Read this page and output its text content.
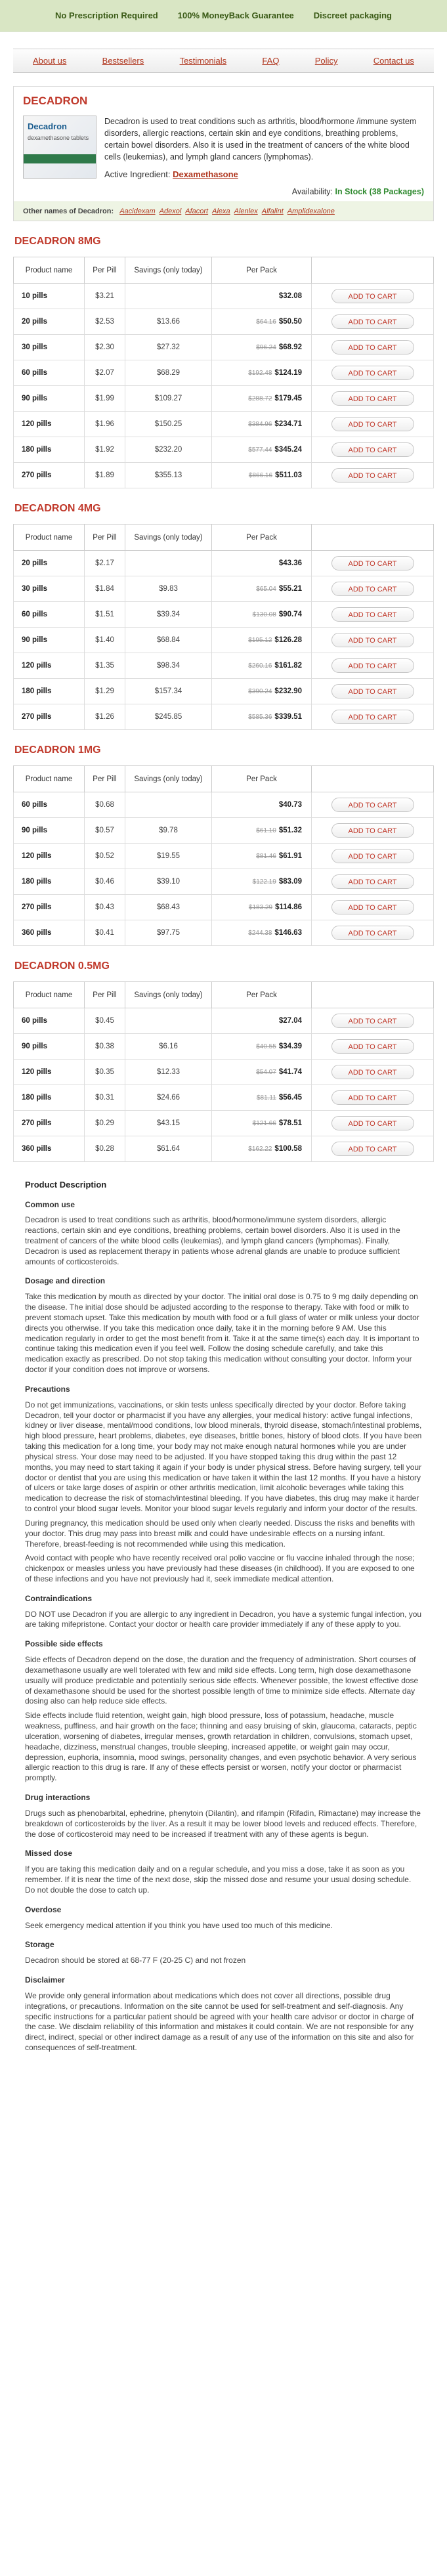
No Prescription Required 100% MoneyBack Guarantee Discreet packaging
About us	Bestsellers	Testimonials	FAQ	Policy	Contact us
DECADRON
Decadron
dexamethasone tablets
Decadron is used to treat conditions such as arthritis, blood/hormone /immune system disorders, allergic reactions, certain skin and eye conditions, breathing problems, certain bowel disorders. Also it is used in the treatment of cancers of the white blood cells (leukemias), and lymph gland cancers (lymphomas).
Active Ingredient: Dexamethasone
Availability: In Stock (38 Packages)
Other names of Decadron: Aacidexam Adexol Afacort Alexa Alenlex Alfalint Amplidexalone
DECADRON 8MG
Product name	Per Pill	Savings (only today)	Per Pack	
10 pills	$3.21		$32.08	ADD TO CART
20 pills	$2.53	$13.66	$64.16 $50.50	ADD TO CART
30 pills	$2.30	$27.32	$96.24 $68.92	ADD TO CART
60 pills	$2.07	$68.29	$192.48 $124.19	ADD TO CART
90 pills	$1.99	$109.27	$288.72 $179.45	ADD TO CART
120 pills	$1.96	$150.25	$384.96 $234.71	ADD TO CART
180 pills	$1.92	$232.20	$577.44 $345.24	ADD TO CART
270 pills	$1.89	$355.13	$866.16 $511.03	ADD TO CART
DECADRON 4MG
Product name	Per Pill	Savings (only today)	Per Pack	
20 pills	$2.17		$43.36	ADD TO CART
30 pills	$1.84	$9.83	$65.04 $55.21	ADD TO CART
60 pills	$1.51	$39.34	$130.08 $90.74	ADD TO CART
90 pills	$1.40	$68.84	$195.12 $126.28	ADD TO CART
120 pills	$1.35	$98.34	$260.16 $161.82	ADD TO CART
180 pills	$1.29	$157.34	$390.24 $232.90	ADD TO CART
270 pills	$1.26	$245.85	$585.36 $339.51	ADD TO CART
DECADRON 1MG
Product name	Per Pill	Savings (only today)	Per Pack	
60 pills	$0.68		$40.73	ADD TO CART
90 pills	$0.57	$9.78	$61.10 $51.32	ADD TO CART
120 pills	$0.52	$19.55	$81.46 $61.91	ADD TO CART
180 pills	$0.46	$39.10	$122.19 $83.09	ADD TO CART
270 pills	$0.43	$68.43	$183.29 $114.86	ADD TO CART
360 pills	$0.41	$97.75	$244.38 $146.63	ADD TO CART
DECADRON 0.5MG
Product name	Per Pill	Savings (only today)	Per Pack	
60 pills	$0.45		$27.04	ADD TO CART
90 pills	$0.38	$6.16	$40.55 $34.39	ADD TO CART
120 pills	$0.35	$12.33	$54.07 $41.74	ADD TO CART
180 pills	$0.31	$24.66	$81.11 $56.45	ADD TO CART
270 pills	$0.29	$43.15	$121.66 $78.51	ADD TO CART
360 pills	$0.28	$61.64	$162.22 $100.58	ADD TO CART
Product Description
Common use

Decadron is used to treat conditions such as arthritis, blood/hormone/immune system disorders, allergic reactions, certain skin and eye conditions, breathing problems, certain bowel disorders. Also it is used in the treatment of cancers of the white blood cells (leukemias), and lymph gland cancers (lymphomas). Finally, Decadron is used as replacement therapy in patients whose adrenal glands are unable to produce sufficient amounts of corticosteroids.

Dosage and direction

Take this medication by mouth as directed by your doctor. The initial oral dose is 0.75 to 9 mg daily depending on the disease. The initial dose should be adjusted according to the response to therapy. Take with food or milk to prevent stomach upset. Take this medication by mouth with food or a full glass of water or milk unless your doctor directs you otherwise. If you take this medication once daily, take it in the morning before 9 AM. Use this medication regularly in order to get the most benefit from it. Take it at the same time(s) each day. It is important to continue taking this medication even if you feel well. Follow the dosing schedule carefully, and take this medication exactly as prescribed. Do not stop taking this medication without consulting your doctor. Inform your doctor if your condition does not improve or worsens.

Precautions

Do not get immunizations, vaccinations, or skin tests unless specifically directed by your doctor. Before taking Decadron, tell your doctor or pharmacist if you have any allergies, your medical history: active fungal infections, kidney or liver disease, mental/mood conditions, low blood minerals, thyroid disease, stomach/intestinal problems, high blood pressure, heart problems, diabetes, eye diseases, brittle bones, history of blood clots. If you have been taking this medication for a long time, your body may not make enough natural hormones while you are under physical stress. Your dose may need to be adjusted. If you have stopped taking this drug within the past 12 months, you may need to start taking it again if your body is under physical stress. Before having surgery, tell your doctor or dentist that you are using this medication or have taken it within the last 12 months. If you have a history of ulcers or take large doses of aspirin or other arthritis medication, limit alcoholic beverages while taking this medication to decrease the risk of stomach/intestinal bleeding. If you have diabetes, this drug may make it harder to control your blood sugar levels. Monitor your blood sugar levels regularly and inform your doctor of the results.

During pregnancy, this medication should be used only when clearly needed. Discuss the risks and benefits with your doctor. This drug may pass into breast milk and could have undesirable effects on a nursing infant. Therefore, breast-feeding is not recommended while using this medication.

Avoid contact with people who have recently received oral polio vaccine or flu vaccine inhaled through the nose; chickenpox or measles unless you have previously had these diseases (in childhood). If you are exposed to one of these infections and you have not previously had it, seek immediate medical attention.

Contraindications

DO NOT use Decadron if you are allergic to any ingredient in Decadron, you have a systemic fungal infection, you are taking mifepristone. Contact your doctor or health care provider immediately if any of these apply to you.

Possible side effects

Side effects of Decadron depend on the dose, the duration and the frequency of administration. Short courses of dexamethasone usually are well tolerated with few and mild side effects. Long term, high dose dexamethasone usually will produce predictable and potentially serious side effects. Whenever possible, the lowest effective dose of dexamethasone should be used for the shortest possible length of time to minimize side effects. Alternate day dosing also can help reduce side effects.

Side effects include fluid retention, weight gain, high blood pressure, loss of potassium, headache, muscle weakness, puffiness, and hair growth on the face; thinning and easy bruising of skin, glaucoma, cataracts, peptic ulceration, worsening of diabetes, irregular menses, growth retardation in children, convulsions, stomach upset, headache, dizziness, menstrual changes, trouble sleeping, increased appetite, or weight gain may occur, depression, euphoria, insomnia, mood swings, personality changes, and even psychotic behavior. A very serious allergic reaction to this drug is rare. If any of these effects persist or worsen, notify your doctor or pharmacist promptly.

Drug interactions

Drugs such as phenobarbital, ephedrine, phenytoin (Dilantin), and rifampin (Rifadin, Rimactane) may increase the breakdown of corticosteroids by the liver. As a result it may be lower blood levels and reduced effects. Therefore, the dose of corticosteroid may need to be increased if treatment with any of these agents is begun.

Missed dose

If you are taking this medication daily and on a regular schedule, and you miss a dose, take it as soon as you remember. If it is near the time of the next dose, skip the missed dose and resume your usual dosing schedule. Do not double the dose to catch up.

Overdose

Seek emergency medical attention if you think you have used too much of this medicine.

Storage

Decadron should be stored at 68-77 F (20-25 C) and not frozen

Disclaimer

We provide only general information about medications which does not cover all directions, possible drug integrations, or precautions. Information on the site cannot be used for self-treatment and self-diagnosis. Any specific instructions for a particular patient should be agreed with your health care advisor or doctor in charge of the case. We disclaim reliability of this information and mistakes it could contain. We are not responsible for any direct, indirect, special or other indirect damage as a result of any use of the information on this site and also for consequences of self-treatment.
